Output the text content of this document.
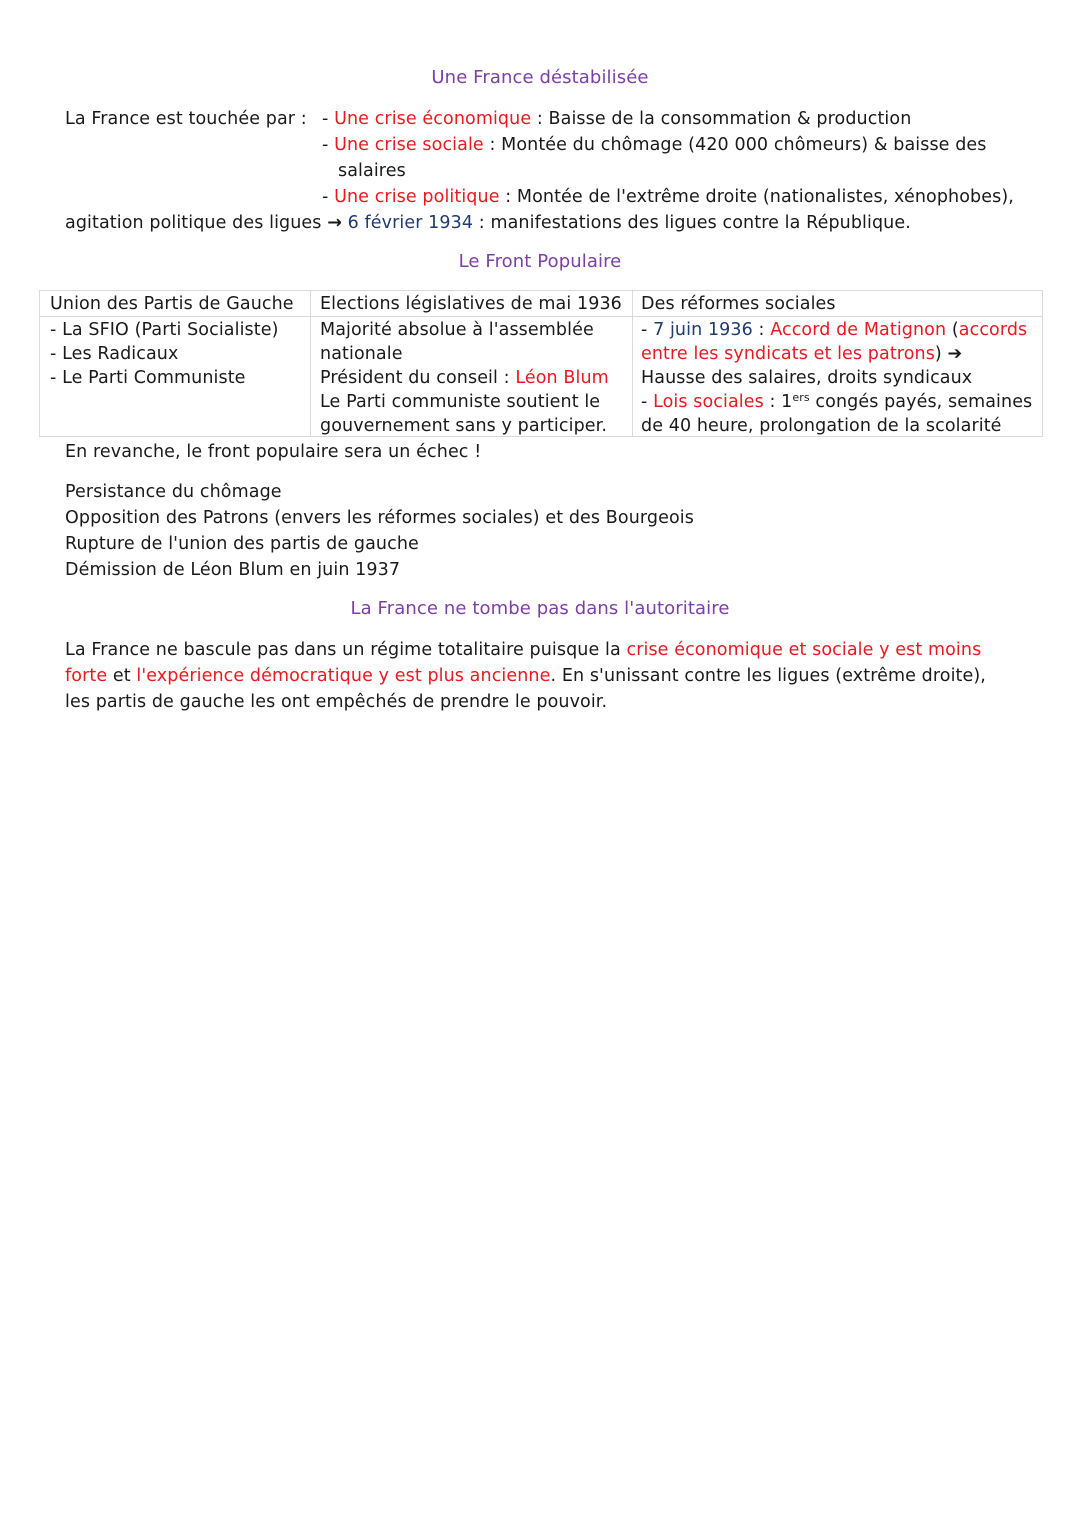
Une France déstabilisée
La France est touchée par : - Une crise économique : Baisse de la consommation & production
- Une crise sociale : Montée du chômage (420 000 chômeurs) & baisse des
salaires
- Une crise politique : Montée de l'extrême droite (nationalistes, xénophobes),
agitation politique des ligues → 6 février 1934 : manifestations des ligues contre la République.
Le Front Populaire
Union des Partis de Gauche
- La SFIO (Parti Socialiste)
- Les Radicaux
- Le Parti Communiste
Elections législatives de mai 1936
Majorité absolue à l'assemblée
nationale
Président du conseil : Léon Blum
Le Parti communiste soutient le
gouvernement sans y participer.
Des réformes sociales
- 7 juin 1936 : Accord de Matignon (accords
entre les syndicats et les patrons) ➔
Hausse des salaires, droits syndicaux
- Lois sociales : 1ers congés payés, semaines
de 40 heure, prolongation de la scolarité
En revanche, le front populaire sera un échec !
Persistance du chômage
Opposition des Patrons (envers les réformes sociales) et des Bourgeois
Rupture de l'union des partis de gauche
Démission de Léon Blum en juin 1937
La France ne tombe pas dans l'autoritaire
La France ne bascule pas dans un régime totalitaire puisque la crise économique et sociale y est moins
forte et l'expérience démocratique y est plus ancienne. En s'unissant contre les ligues (extrême droite),
les partis de gauche les ont empêchés de prendre le pouvoir.
